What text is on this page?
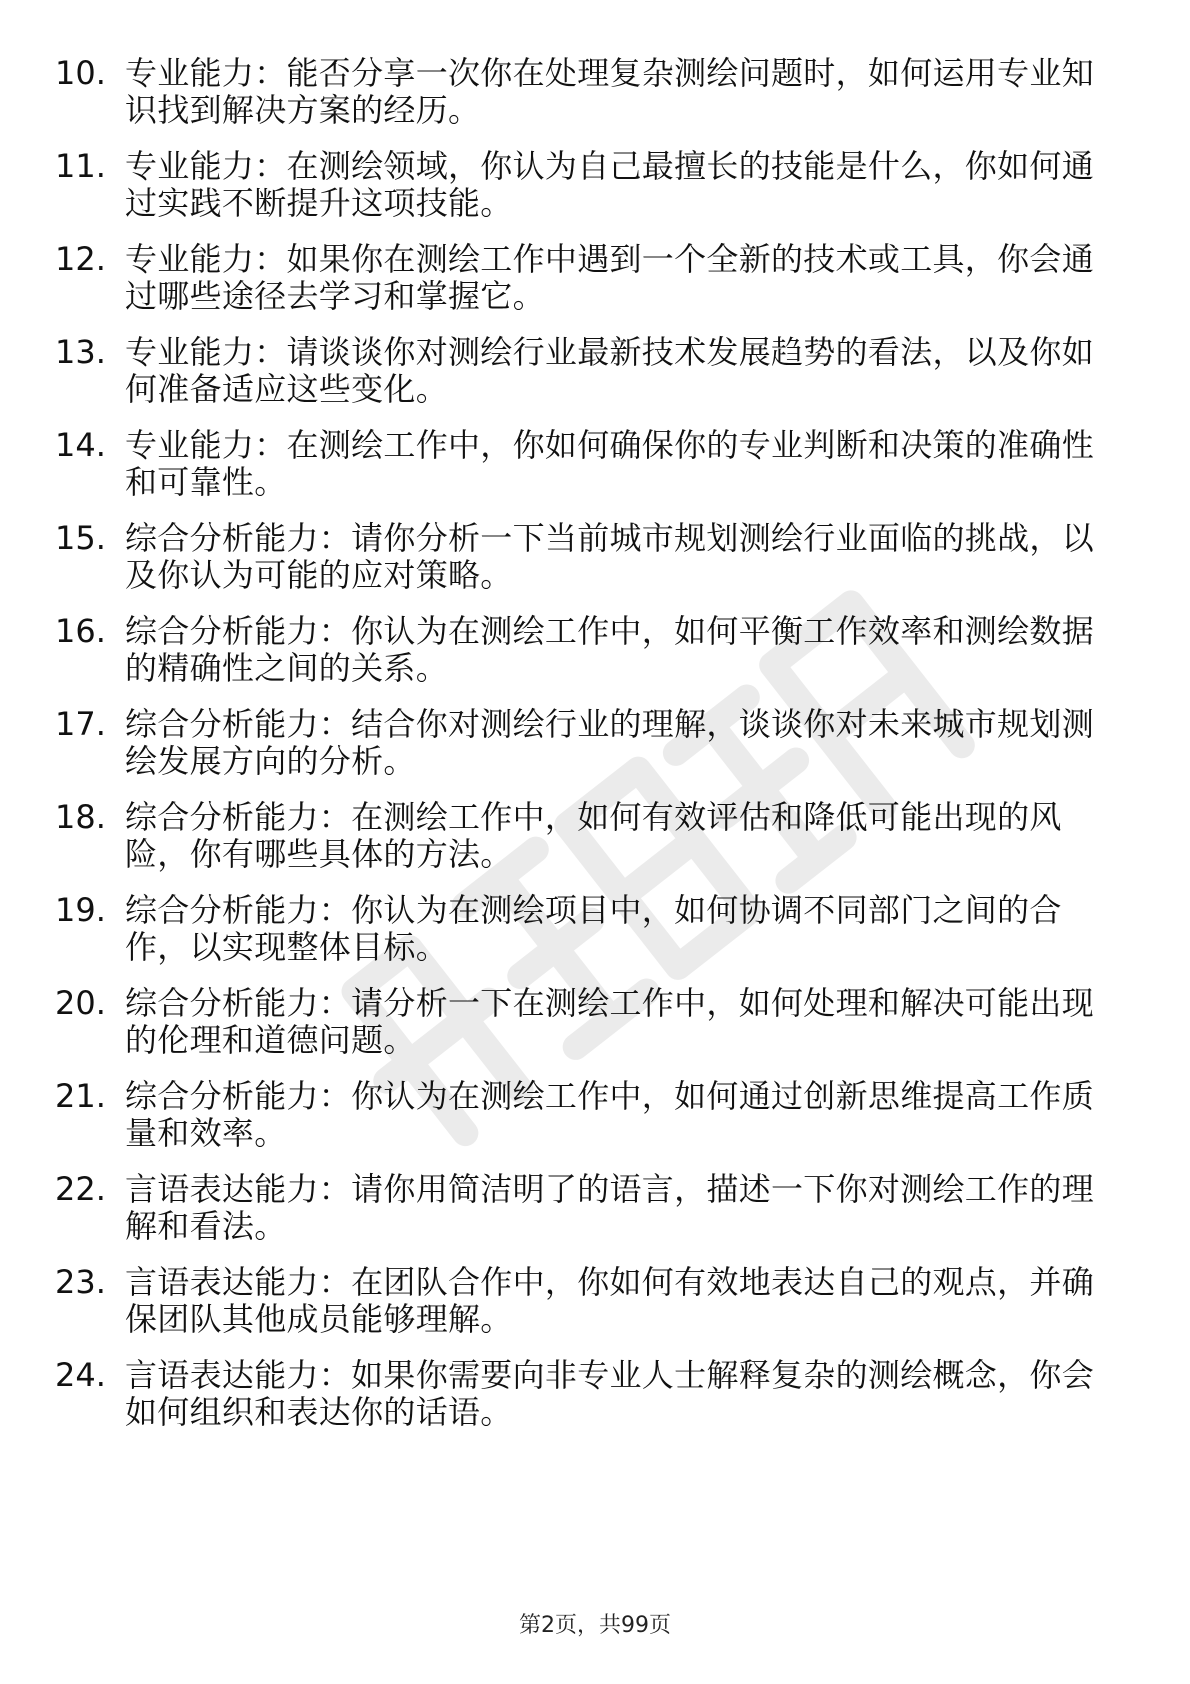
10. 专业能力：能否分享一次你在处理复杂测绘问题时，如何运用专业知识找到解决方案的经历。
11. 专业能力：在测绘领域，你认为自己最擅长的技能是什么，你如何通过实践不断提升这项技能。
12. 专业能力：如果你在测绘工作中遇到一个全新的技术或工具，你会通过哪些途径去学习和掌握它。
13. 专业能力：请谈谈你对测绘行业最新技术发展趋势的看法，以及你如何准备适应这些变化。
14. 专业能力：在测绘工作中，你如何确保你的专业判断和决策的准确性和可靠性。
15. 综合分析能力：请你分析一下当前城市规划测绘行业面临的挑战，以及你认为可能的应对策略。
16. 综合分析能力：你认为在测绘工作中，如何平衡工作效率和测绘数据的精确性之间的关系。
17. 综合分析能力：结合你对测绘行业的理解，谈谈你对未来城市规划测绘发展方向的分析。
18. 综合分析能力：在测绘工作中，如何有效评估和降低可能出现的风险，你有哪些具体的方法。
19. 综合分析能力：你认为在测绘项目中，如何协调不同部门之间的合作，以实现整体目标。
20. 综合分析能力：请分析一下在测绘工作中，如何处理和解决可能出现的伦理和道德问题。
21. 综合分析能力：你认为在测绘工作中，如何通过创新思维提高工作质量和效率。
22. 言语表达能力：请你用简洁明了的语言，描述一下你对测绘工作的理解和看法。
23. 言语表达能力：在团队合作中，你如何有效地表达自己的观点，并确保团队其他成员能够理解。
24. 言语表达能力：如果你需要向非专业人士解释复杂的测绘概念，你会如何组织和表达你的话语。
第2页，共99页
